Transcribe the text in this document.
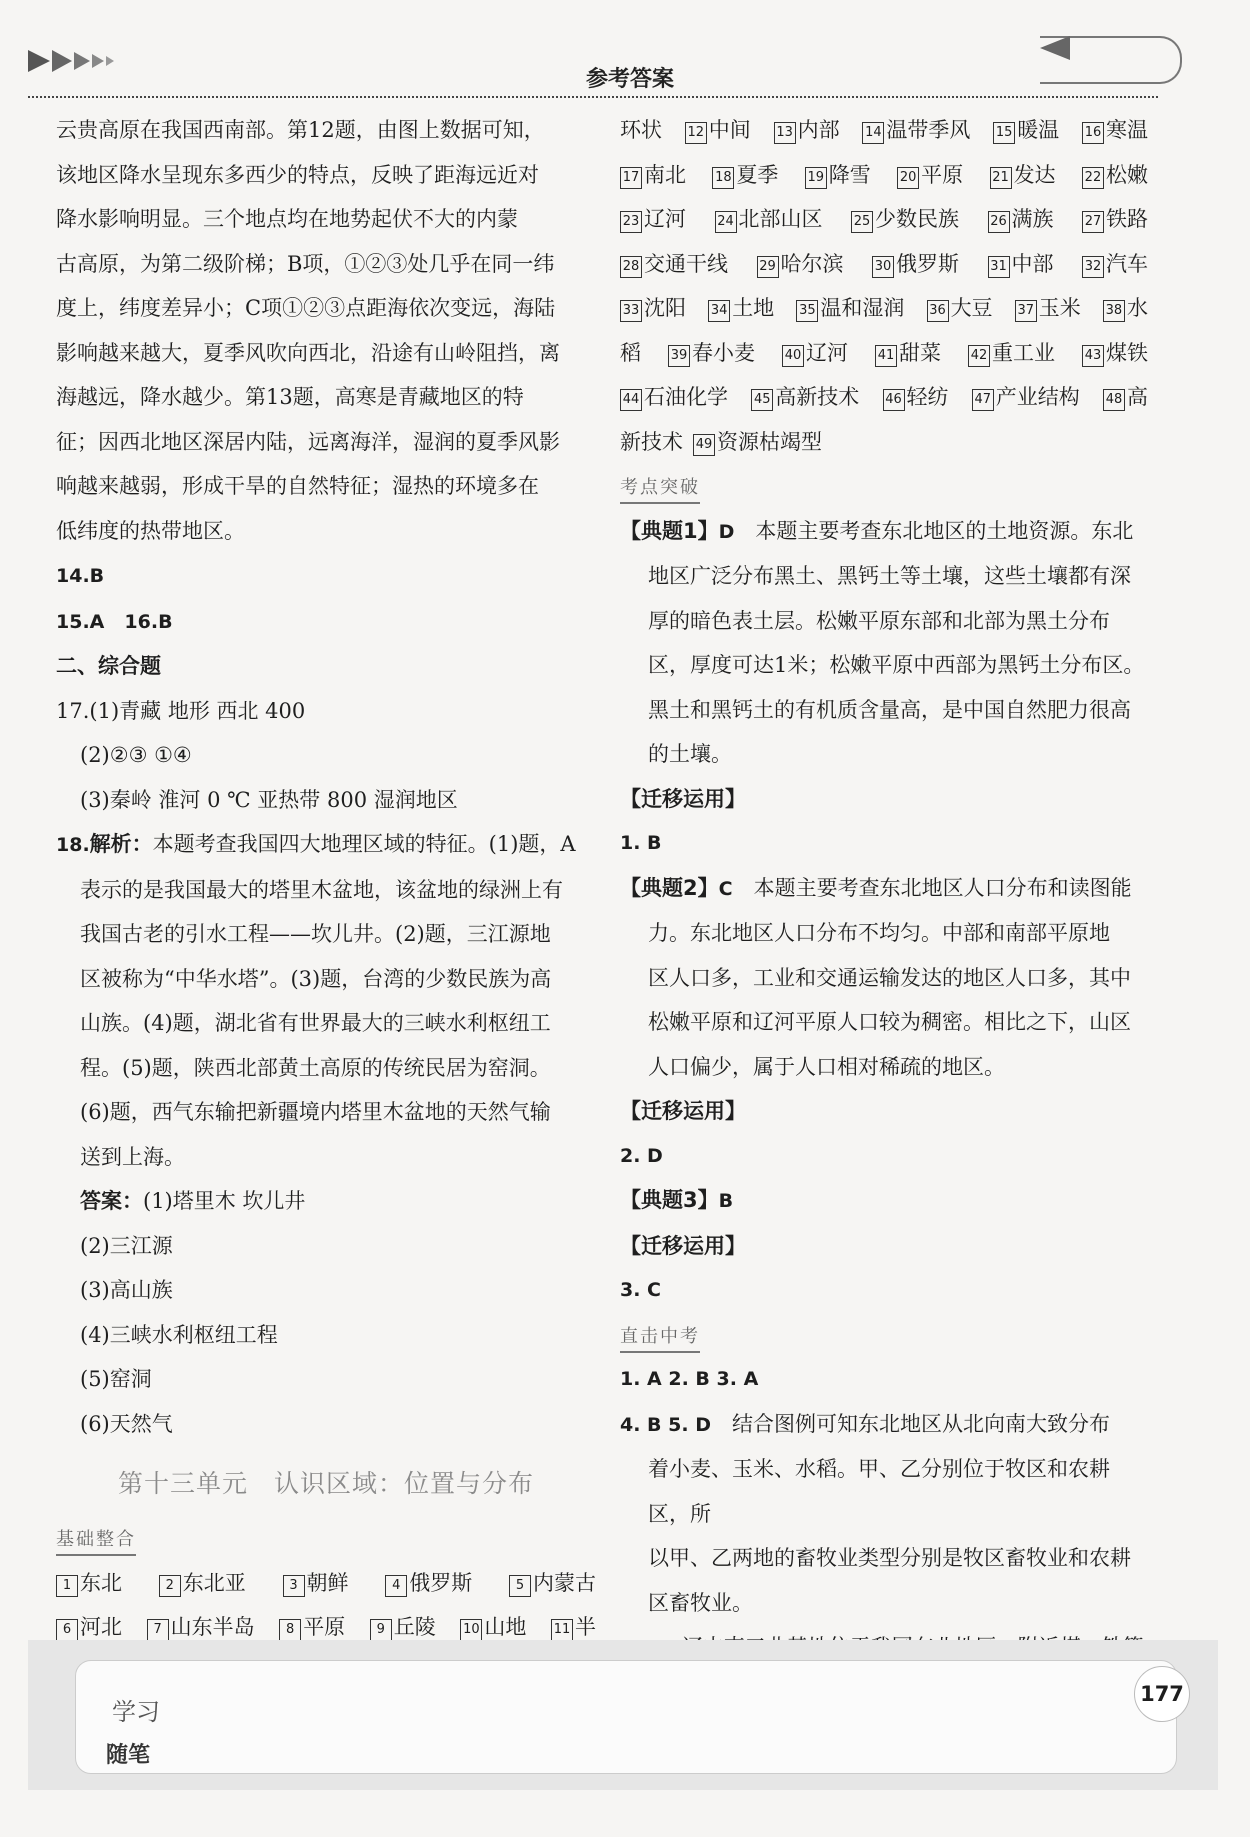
参考答案

云贵高原在我国西南部。第12题，由图上数据可知，

该地区降水呈现东多西少的特点，反映了距海远近对

降水影响明显。三个地点均在地势起伏不大的内蒙

古高原，为第二级阶梯；B项，①②③处几乎在同一纬

度上，纬度差异小；C项①②③点距海依次变远，海陆

影响越来越大，夏季风吹向西北，沿途有山岭阻挡，离

海越远，降水越少。第13题，高寒是青藏地区的特

征；因西北地区深居内陆，远离海洋，湿润的夏季风影

响越来越弱，形成干旱的自然特征；湿热的环境多在

低纬度的热带地区。

14.B

15.A 16.B

二、综合题

17.(1)青藏 地形 西北 400

(2)②③ ①④

(3)秦岭 淮河 0 ℃ 亚热带 800 湿润地区

18.解析：本题考查我国四大地理区域的特征。(1)题，A

表示的是我国最大的塔里木盆地，该盆地的绿洲上有

我国古老的引水工程——坎儿井。(2)题，三江源地

区被称为“中华水塔”。(3)题，台湾的少数民族为高

山族。(4)题，湖北省有世界最大的三峡水利枢纽工

程。(5)题，陕西北部黄土高原的传统民居为窑洞。

(6)题，西气东输把新疆境内塔里木盆地的天然气输

送到上海。

答案：(1)塔里木 坎儿井

(2)三江源

(3)高山族

(4)三峡水利枢纽工程

(5)窑洞

(6)天然气

第十三单元　认识区域：位置与分布
基础整合
1 东北	2 东北亚	3 朝鲜	4 俄罗斯	5 内蒙古
6 河北	7 山东半岛	8 平原	9 丘陵 10 山地 11 半
环状 12 中间 13 内部 14 温带季风 15 暖温 16 寒温
17 南北 18 夏季 19 降雪 20 平原 21 发达 22 松嫩
23 辽河 24 北部山区 25 少数民族 26 满族 27 铁路
28 交通干线 29 哈尔滨 30 俄罗斯 31 中部 32 汽车
33 沈阳 34 土地 35 温和湿润 36 大豆 37 玉米 38 水
稻 39 春小麦 40 辽河 41 甜菜 42 重工业 43 煤铁
44 石油化学 45 高新技术 46 轻纺 47 产业结构 48 高
新技术 49 资源枯竭型
考点突破

【典题1】D　本题主要考查东北地区的土地资源。东北

地区广泛分布黑土、黑钙土等土壤，这些土壤都有深

厚的暗色表土层。松嫩平原东部和北部为黑土分布

区，厚度可达1米；松嫩平原中西部为黑钙土分布区。

黑土和黑钙土的有机质含量高，是中国自然肥力很高

的土壤。

【迁移运用】

1. B

【典题2】C　本题主要考查东北地区人口分布和读图能

力。东北地区人口分布不均匀。中部和南部平原地

区人口多，工业和交通运输发达的地区人口多，其中

松嫩平原和辽河平原人口较为稠密。相比之下，山区

人口偏少，属于人口相对稀疏的地区。

【迁移运用】

2. D

【典题3】B

【迁移运用】

3. C

直击中考

1. A 2. B 3. A

4. B 5. D　结合图例可知东北地区从北向南大致分布

着小麦、玉米、水稻。甲、乙分别位于牧区和农耕区，所

以甲、乙两地的畜牧业类型分别是牧区畜牧业和农耕

区畜牧业。

学习
随笔
177
